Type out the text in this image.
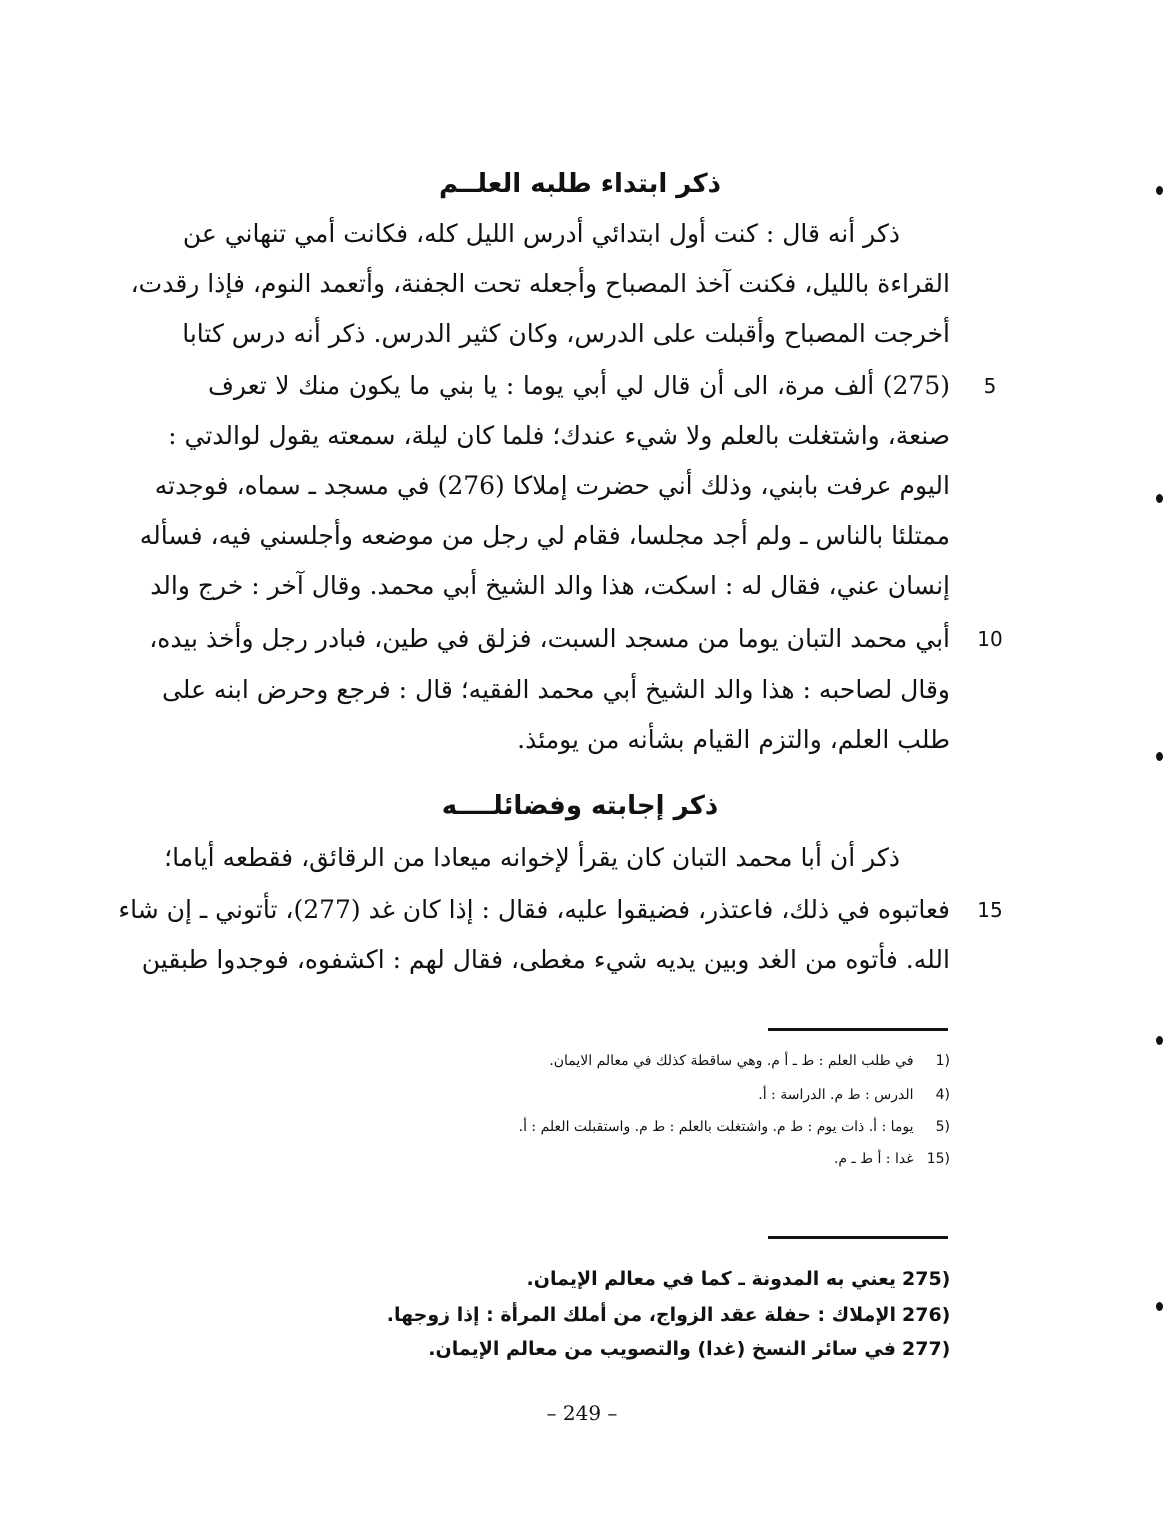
ذكر ابتداء طلبه العلــم
ذكر أنه قال : كنت أول ابتدائي أدرس الليل كله، فكانت أمي تنهاني عن
القراءة بالليل، فكنت آخذ المصباح وأجعله تحت الجفنة، وأتعمد النوم، فإذا رقدت،
أخرجت المصباح وأقبلت على الدرس، وكان كثير الدرس. ذكر أنه درس كتابا
(275) ألف مرة، الى أن قال لي أبي يوما : يا بني ما يكون منك لا تعرف
صنعة، واشتغلت بالعلم ولا شيء عندك؛ فلما كان ليلة، سمعته يقول لوالدتي :
اليوم عرفت بابني، وذلك أني حضرت إملاكا (276) في مسجد ـ سماه، فوجدته
ممتلئا بالناس ـ ولم أجد مجلسا، فقام لي رجل من موضعه وأجلسني فيه، فسأله
إنسان عني، فقال له : اسكت، هذا والد الشيخ أبي محمد. وقال آخر : خرج والد
أبي محمد التبان يوما من مسجد السبت، فزلق في طين، فبادر رجل وأخذ بيده،
وقال لصاحبه : هذا والد الشيخ أبي محمد الفقيه؛ قال : فرجع وحرض ابنه على
طلب العلم، والتزم القيام بشأنه من يومئذ.
ذكر إجابته وفضائلــــه
ذكر أن أبا محمد التبان كان يقرأ لإخوانه ميعادا من الرقائق، فقطعه أياما؛
فعاتبوه في ذلك، فاعتذر، فضيقوا عليه، فقال : إذا كان غد (277)، تأتوني ـ إن شاء
الله. فأتوه من الغد وبين يديه شيء مغطى، فقال لهم : اكشفوه، فوجدوا طبقين
5
10
15
1) في طلب العلم : ط ـ أ م. وهي ساقطة كذلك في معالم الايمان.
4) الدرس : ط م. الدراسة : أ.
5) يوما : أ. ذات يوم : ط م. واشتغلت بالعلم : ط م. واستقبلت العلم : أ.
15) غدا : أ ط ـ م.
275)يعني به المدونة ـ كما في معالم الإيمان.
276)الإملاك : حفلة عقد الزواج، من أملك المرأة : إذا زوجها.
277)في سائر النسخ (غدا) والتصويب من معالم الإيمان.
– 249 –
